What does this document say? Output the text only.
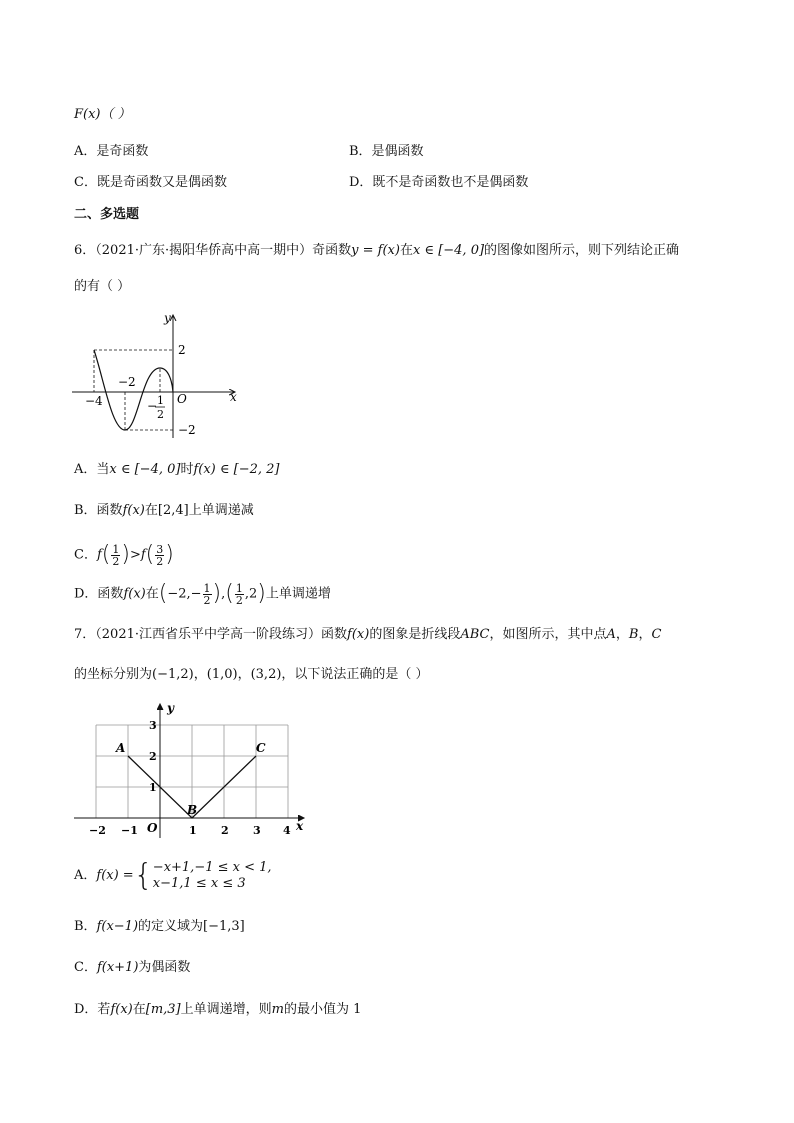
F(x)（ ）
A．是奇函数	B．是偶函数
C．既是奇函数又是偶函数	D．既不是奇函数也不是偶函数
二、多选题
6．（2021·广东·揭阳华侨高中高一期中）奇函数y = f(x)在x ∈ [−4, 0]的图像如图所示，则下列结论正确
的有（ ）
y
x
O
2
−2
−4
−2
− 1
2
A．当x ∈ [−4, 0]时f(x) ∈ [−2, 2]
B．函数f(x)在[2,4]上单调递减
C．$f( \frac{1}{2} )>f( \frac{3}{2}$ )
D．函数f(x)在($-2,- \frac{1}{2}$ ),( $\frac{1}{2} ,2$)上单调递增
7．（2021·江西省乐平中学高一阶段练习）函数f(x)的图象是折线段ABC，如图所示，其中点A，B，C
的坐标分别为(−1,2)，(1,0)，(3,2)，以下说法正确的是（ ）
y
x
O
A
B
C
−2 −1	1 2 3 4
1
2
3
A．f(x) ={ −x+1,−1 ≤ x < 1,
x−1,1 ≤ x ≤ 3
B．f(x−1)的定义域为[−1,3]
C．f(x+1)为偶函数
D．若f(x)在[m,3]上单调递增，则m的最小值为 1
